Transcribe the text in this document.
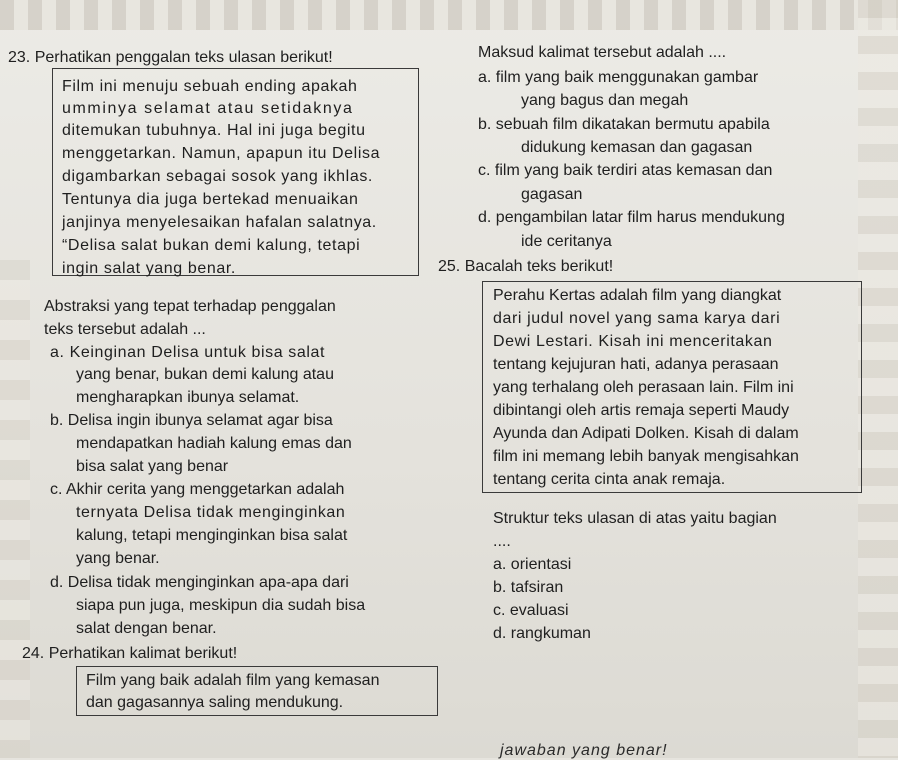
23. Perhatikan penggalan teks ulasan berikut!
Film ini menuju sebuah ending apakah
umminya selamat atau setidaknya
ditemukan tubuhnya. Hal ini juga begitu
menggetarkan. Namun, apapun itu Delisa
digambarkan sebagai sosok yang ikhlas.
Tentunya dia juga bertekad menuaikan
janjinya menyelesaikan hafalan salatnya.
“Delisa salat bukan demi kalung, tetapi
ingin salat yang benar.
Abstraksi yang tepat terhadap penggalan
teks tersebut adalah ...
a. Keinginan Delisa untuk bisa salat
yang benar, bukan demi kalung atau
mengharapkan ibunya selamat.
b. Delisa ingin ibunya selamat agar bisa
mendapatkan hadiah kalung emas dan
bisa salat yang benar
c. Akhir cerita yang menggetarkan adalah
ternyata Delisa tidak menginginkan
kalung, tetapi menginginkan bisa salat
yang benar.
d. Delisa tidak menginginkan apa-apa dari
siapa pun juga, meskipun dia sudah bisa
salat dengan benar.
24. Perhatikan kalimat berikut!
Film yang baik adalah film yang kemasan
dan gagasannya saling mendukung.
Maksud kalimat tersebut adalah ....
a. film yang baik menggunakan gambar
yang bagus dan megah
b. sebuah film dikatakan bermutu apabila
didukung kemasan dan gagasan
c. film yang baik terdiri atas kemasan dan
gagasan
d. pengambilan latar film harus mendukung
ide ceritanya
25. Bacalah teks berikut!
Perahu Kertas adalah film yang diangkat
dari judul novel yang sama karya dari
Dewi Lestari. Kisah ini menceritakan
tentang kejujuran hati, adanya perasaan
yang terhalang oleh perasaan lain. Film ini
dibintangi oleh artis remaja seperti Maudy
Ayunda dan Adipati Dolken. Kisah di dalam
film ini memang lebih banyak mengisahkan
tentang cerita cinta anak remaja.
Struktur teks ulasan di atas yaitu bagian
....
a. orientasi
b. tafsiran
c. evaluasi
d. rangkuman
jawaban yang benar!
